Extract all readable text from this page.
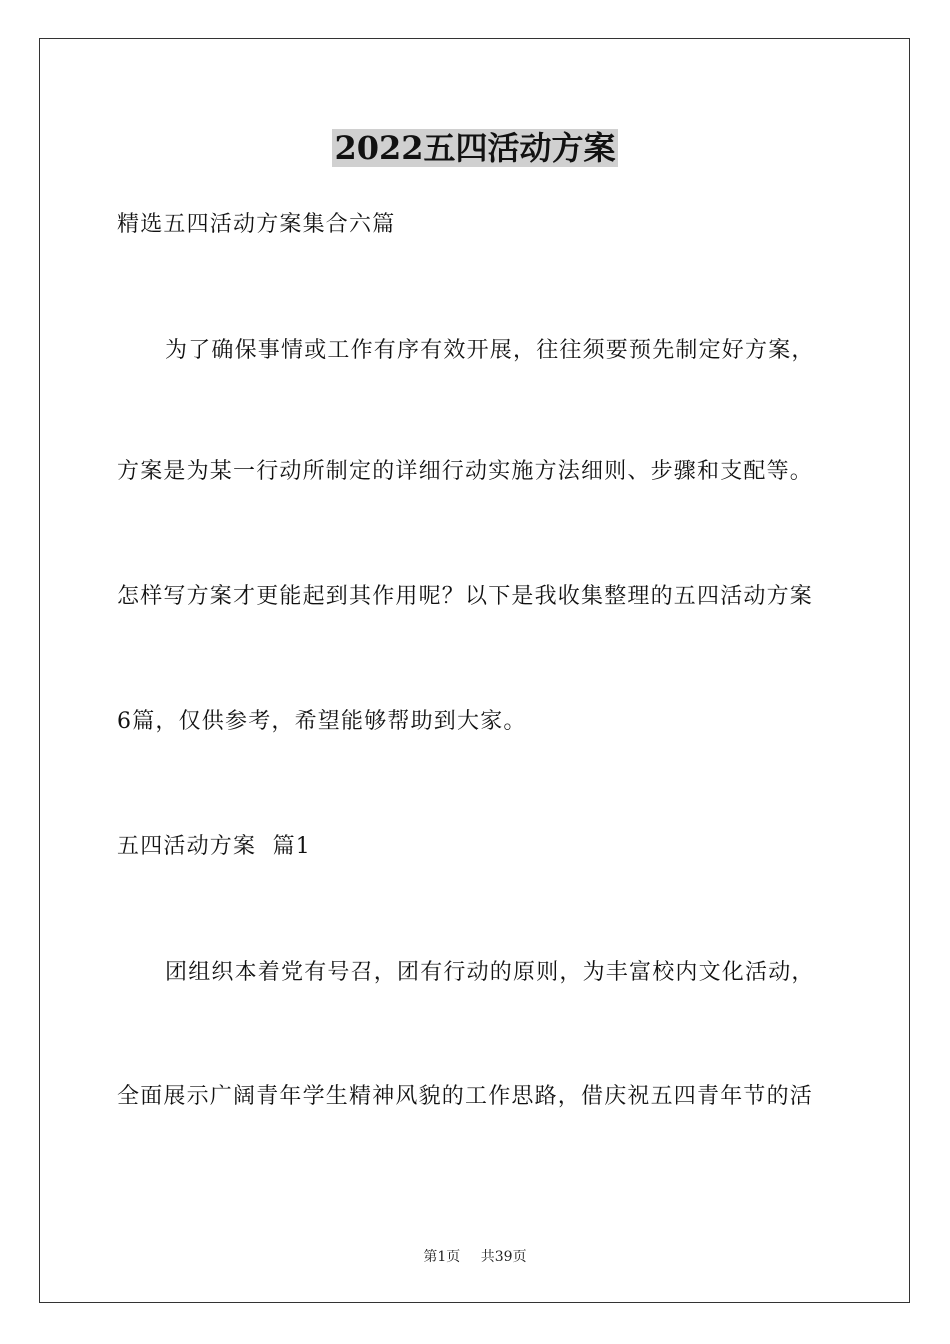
2022五四活动方案
精选五四活动方案集合六篇
为了确保事情或工作有序有效开展，往往须要预先制定好方案，
方案是为某一行动所制定的详细行动实施方法细则、步骤和支配等。
怎样写方案才更能起到其作用呢？以下是我收集整理的五四活动方案
6篇，仅供参考，希望能够帮助到大家。
五四活动方案  篇1
团组织本着党有号召，团有行动的原则，为丰富校内文化活动，
全面展示广阔青年学生精神风貌的工作思路，借庆祝五四青年节的活
第1页 共39页
